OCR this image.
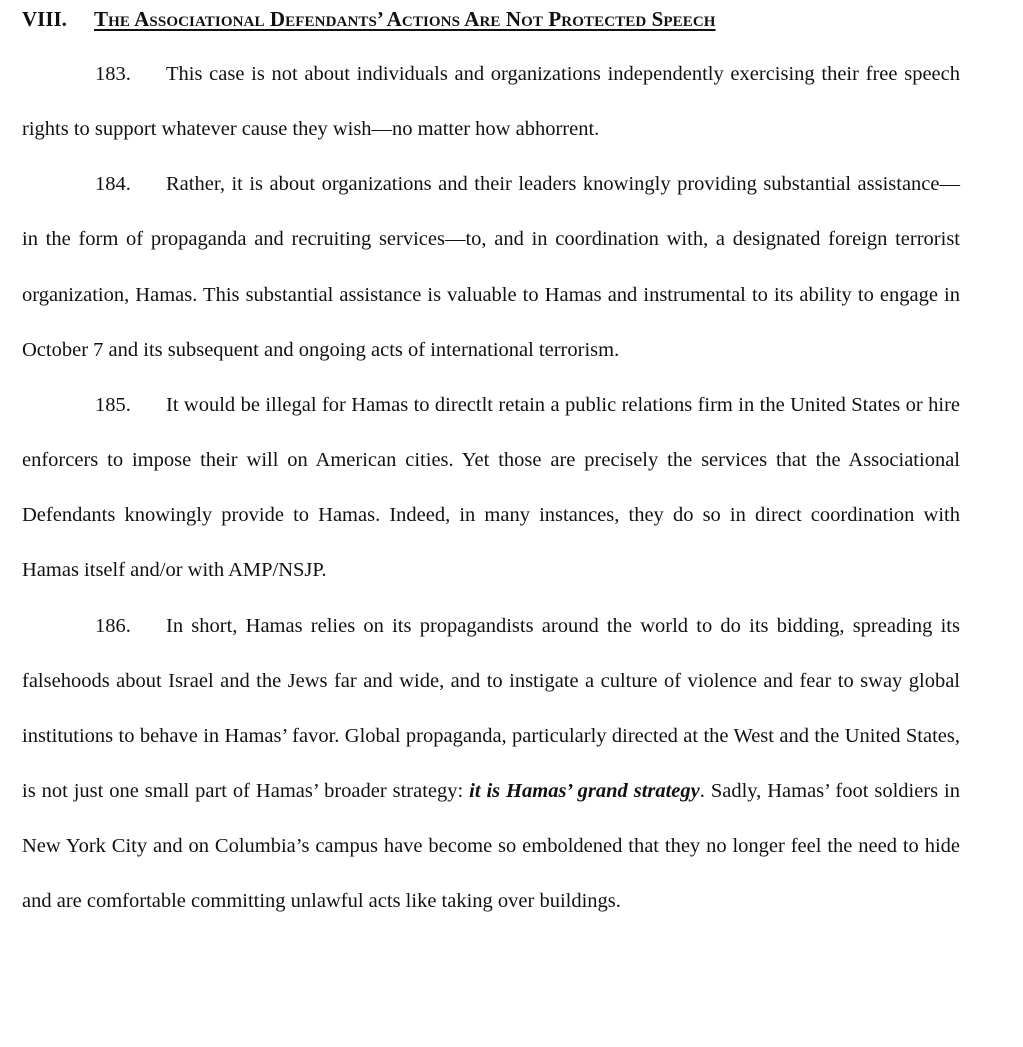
VIII. The Associational Defendants’ Actions Are Not Protected Speech

183. This case is not about individuals and organizations independently exercising their free speech rights to support whatever cause they wish—no matter how abhorrent.

184. Rather, it is about organizations and their leaders knowingly providing substantial assistance—in the form of propaganda and recruiting services—to, and in coordination with, a designated foreign terrorist organization, Hamas. This substantial assistance is valuable to Hamas and instrumental to its ability to engage in October 7 and its subsequent and ongoing acts of international terrorism.

185. It would be illegal for Hamas to directlt retain a public relations firm in the United States or hire enforcers to impose their will on American cities. Yet those are precisely the services that the Associational Defendants knowingly provide to Hamas. Indeed, in many instances, they do so in direct coordination with Hamas itself and/or with AMP/NSJP.

186. In short, Hamas relies on its propagandists around the world to do its bidding, spreading its falsehoods about Israel and the Jews far and wide, and to instigate a culture of violence and fear to sway global institutions to behave in Hamas’ favor. Global propaganda, particularly directed at the West and the United States, is not just one small part of Hamas’ broader strategy: it is Hamas’ grand strategy. Sadly, Hamas’ foot soldiers in New York City and on Columbia’s campus have become so emboldened that they no longer feel the need to hide and are comfortable committing unlawful acts like taking over buildings.
